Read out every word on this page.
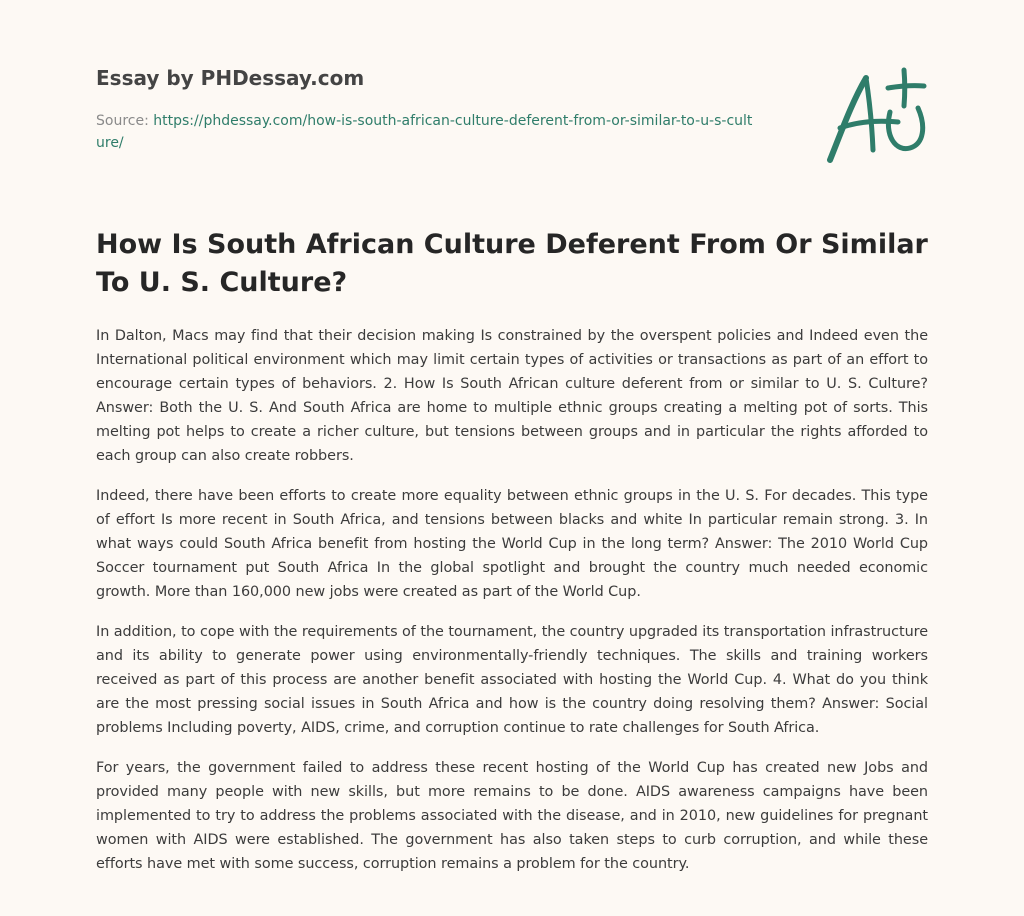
Essay by PHDessay.com
Source: https://phdessay.com/how-is-south-african-culture-deferent-from-or-similar-to-u-s-culture/
How Is South African Culture Deferent From Or Similar To U. S. Culture?

In Dalton, Macs may find that their decision making Is constrained by the overspent policies and Indeed even the International political environment which may limit certain types of activities or transactions as part of an effort to encourage certain types of behaviors. 2. How Is South African culture deferent from or similar to U. S. Culture? Answer: Both the U. S. And South Africa are home to multiple ethnic groups creating a melting pot of sorts. This melting pot helps to create a richer culture, but tensions between groups and in particular the rights afforded to each group can also create robbers.

Indeed, there have been efforts to create more equality between ethnic groups in the U. S. For decades. This type of effort Is more recent in South Africa, and tensions between blacks and white In particular remain strong. 3. In what ways could South Africa benefit from hosting the World Cup in the long term? Answer: The 2010 World Cup Soccer tournament put South Africa In the global spotlight and brought the country much needed economic growth. More than 160,000 new jobs were created as part of the World Cup.

In addition, to cope with the requirements of the tournament, the country upgraded its transportation infrastructure and its ability to generate power using environmentally-friendly techniques. The skills and training workers received as part of this process are another benefit associated with hosting the World Cup. 4. What do you think are the most pressing social issues in South Africa and how is the country doing resolving them? Answer: Social problems Including poverty, AIDS, crime, and corruption continue to rate challenges for South Africa.

For years, the government failed to address these recent hosting of the World Cup has created new Jobs and provided many people with new skills, but more remains to be done. AIDS awareness campaigns have been implemented to try to address the problems associated with the disease, and in 2010, new guidelines for pregnant women with AIDS were established. The government has also taken steps to curb corruption, and while these efforts have met with some success, corruption remains a problem for the country.
